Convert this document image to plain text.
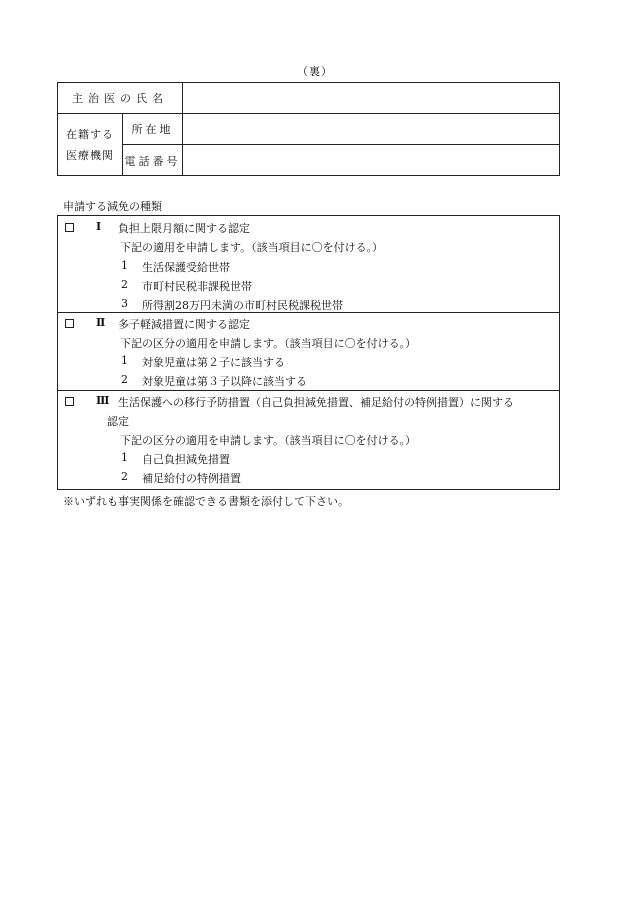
（裏）
主治医の氏名
在籍する
医療機関
所在地
電話番号
申請する減免の種類
Ⅰ 負担上限月額に関する認定
下記の適用を申請します。（該当項目に〇を付ける。）
1 生活保護受給世帯
2 市町村民税非課税世帯
3 所得割28万円未満の市町村民税課税世帯
Ⅱ 多子軽減措置に関する認定
下記の区分の適用を申請します。（該当項目に〇を付ける。）
1 対象児童は第２子に該当する
2 対象児童は第３子以降に該当する
Ⅲ 生活保護への移行予防措置（自己負担減免措置、補足給付の特例措置）に関する
認定
下記の区分の適用を申請します。（該当項目に〇を付ける。）
1 自己負担減免措置
2 補足給付の特例措置
※いずれも事実関係を確認できる書類を添付して下さい。
